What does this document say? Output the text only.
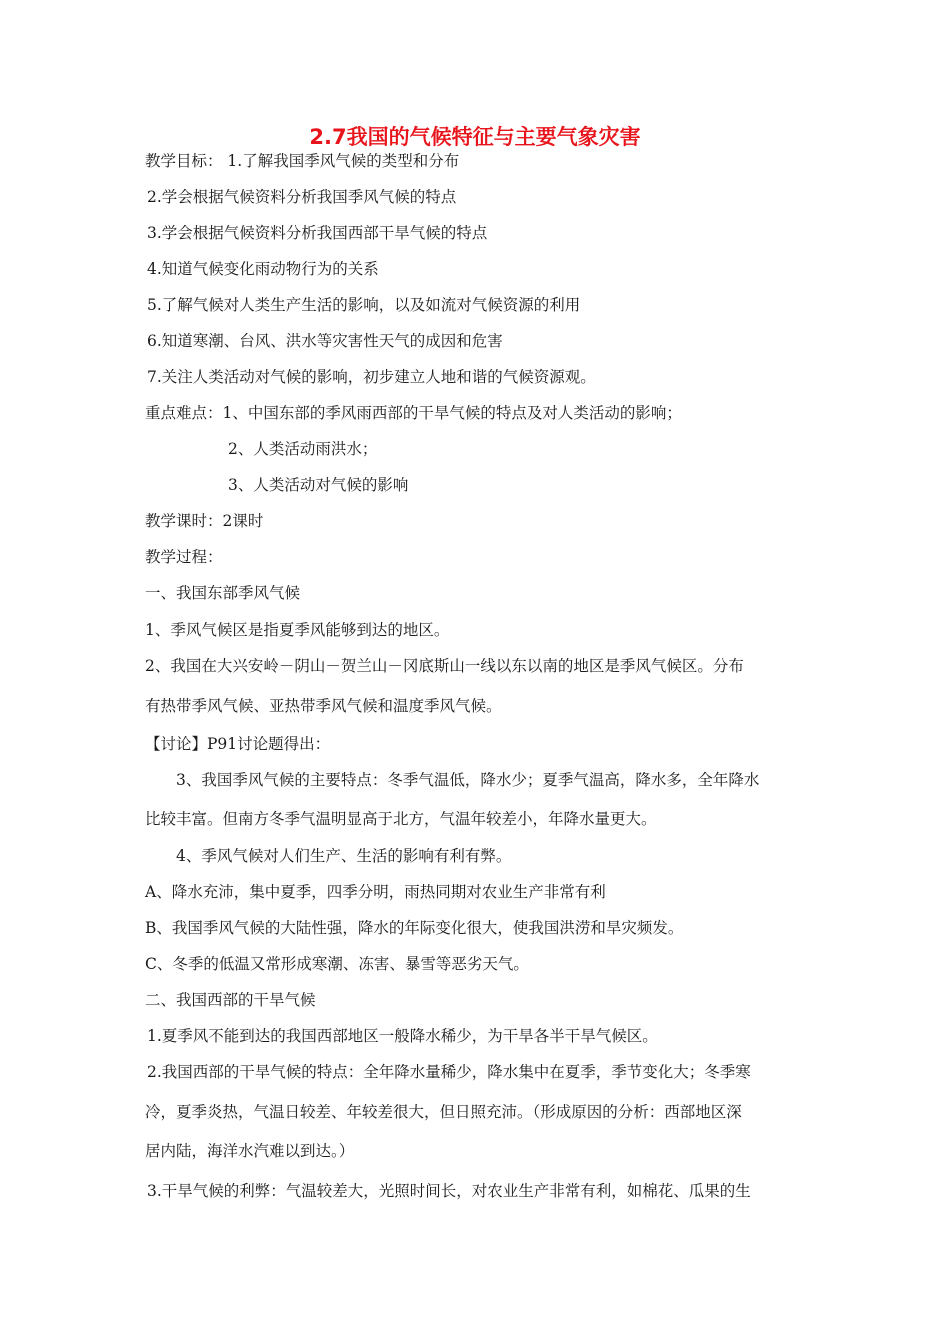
2.7我国的气候特征与主要气象灾害
教学目标： 1.了解我国季风气候的类型和分布
2.学会根据气候资料分析我国季风气候的特点
3.学会根据气候资料分析我国西部干旱气候的特点
4.知道气候变化雨动物行为的关系
5.了解气候对人类生产生活的影响，以及如流对气候资源的利用
6.知道寒潮、台风、洪水等灾害性天气的成因和危害
7.关注人类活动对气候的影响，初步建立人地和谐的气候资源观。
重点难点：1、中国东部的季风雨西部的干旱气候的特点及对人类活动的影响；
2、人类活动雨洪水；
3、人类活动对气候的影响
教学课时：2课时
教学过程：
一、我国东部季风气候
1、季风气候区是指夏季风能够到达的地区。
2、我国在大兴安岭－阴山－贺兰山－冈底斯山一线以东以南的地区是季风气候区。分布
有热带季风气候、亚热带季风气候和温度季风气候。
【讨论】P91讨论题得出：
3、我国季风气候的主要特点：冬季气温低，降水少；夏季气温高，降水多，全年降水
比较丰富。但南方冬季气温明显高于北方，气温年较差小，年降水量更大。
4、季风气候对人们生产、生活的影响有利有弊。
A、降水充沛，集中夏季，四季分明，雨热同期对农业生产非常有利
B、我国季风气候的大陆性强，降水的年际变化很大，使我国洪涝和旱灾频发。
C、冬季的低温又常形成寒潮、冻害、暴雪等恶劣天气。
二、我国西部的干旱气候
1.夏季风不能到达的我国西部地区一般降水稀少，为干旱各半干旱气候区。
2.我国西部的干旱气候的特点：全年降水量稀少，降水集中在夏季，季节变化大；冬季寒
冷，夏季炎热，气温日较差、年较差很大，但日照充沛。（形成原因的分析：西部地区深
居内陆，海洋水汽难以到达。）
3.干旱气候的利弊：气温较差大，光照时间长，对农业生产非常有利，如棉花、瓜果的生
